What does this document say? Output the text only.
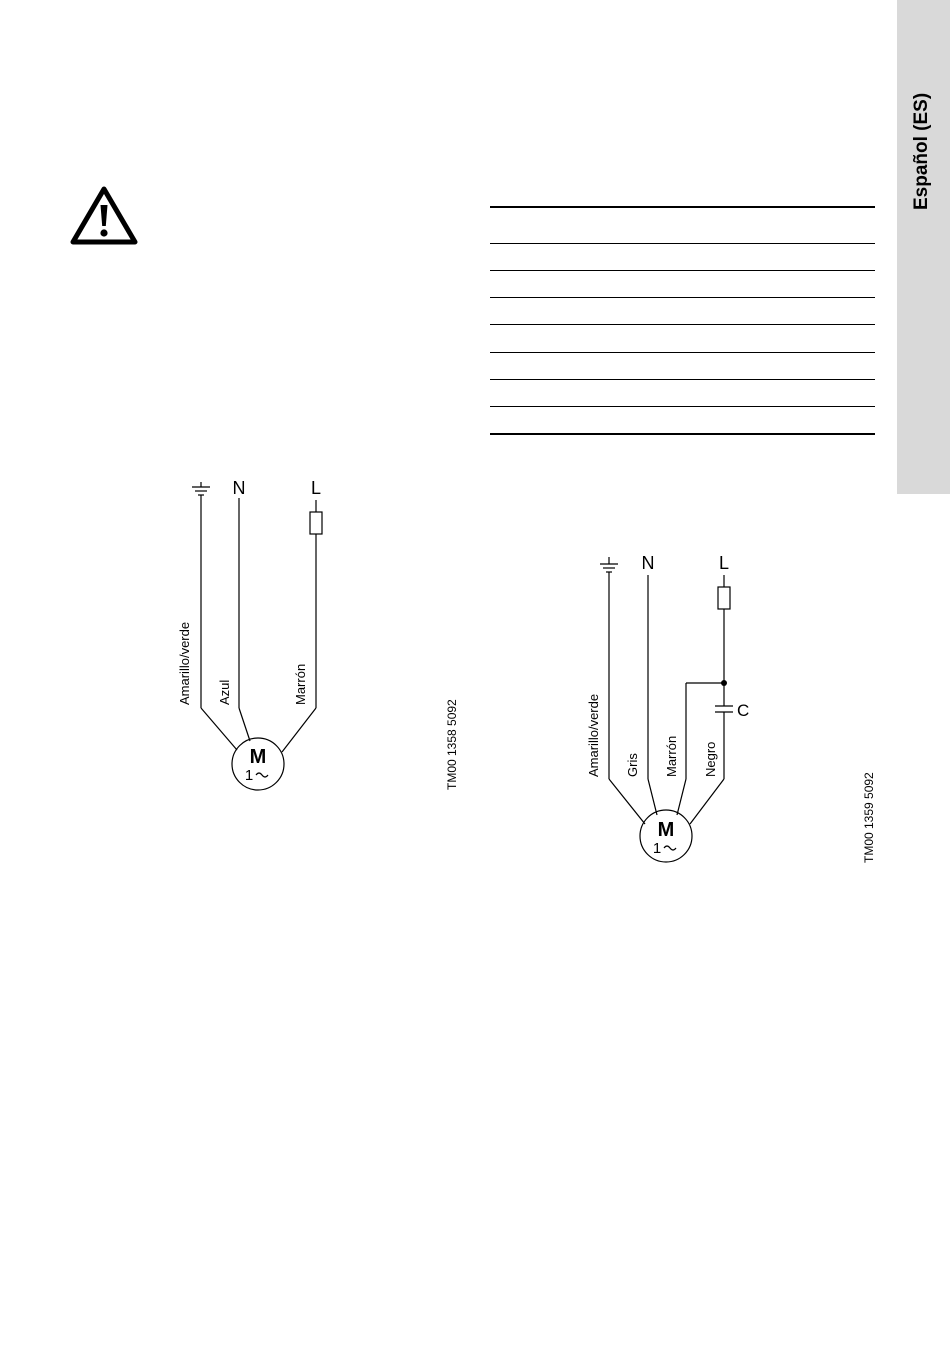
Español (ES)
N	L
M
1
Amarillo/verde Azul	Marrón
TM00 1358 5092
N	L
C
M
1
Amarillo/verde Gris Marrón Negro
TM00 1359 5092
